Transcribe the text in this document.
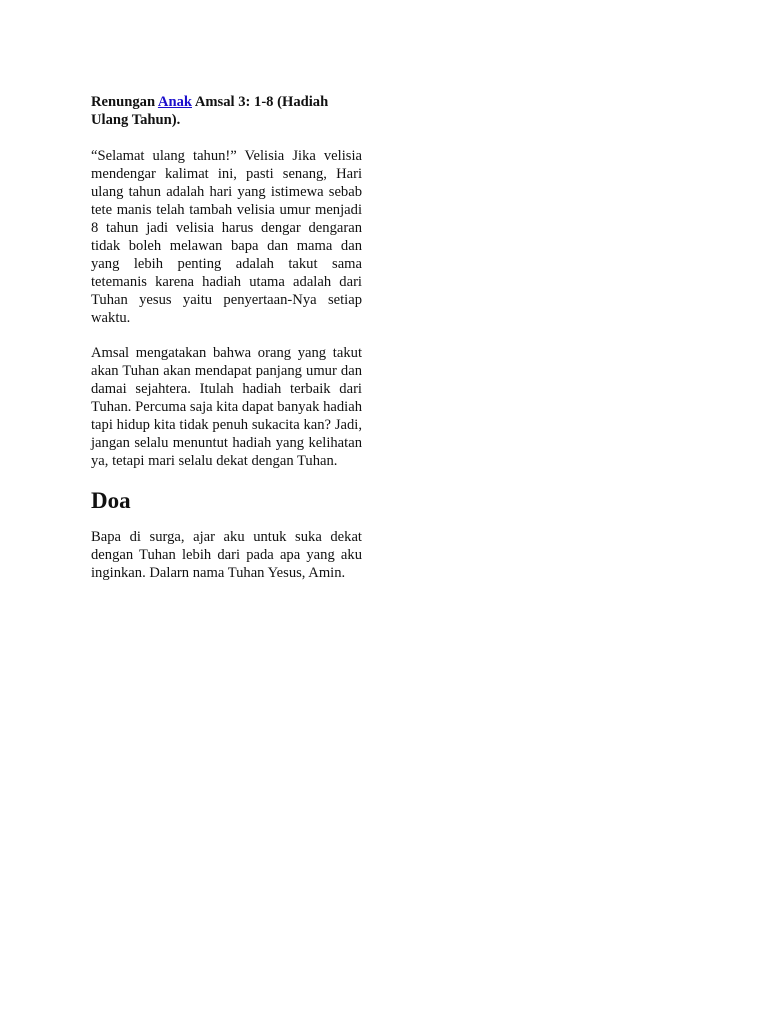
Renungan Anak Amsal 3: 1-8 (Hadiah Ulang Tahun).

“Selamat ulang tahun!” Velisia Jika velisia mendengar kalimat ini, pasti senang, Hari ulang tahun adalah hari yang istimewa sebab tete manis telah tambah velisia umur menjadi 8 tahun jadi velisia harus dengar dengaran tidak boleh melawan bapa dan mama dan yang lebih penting adalah takut sama tetemanis karena hadiah utama adalah dari Tuhan yesus yaitu penyertaan-Nya setiap waktu.

Amsal mengatakan bahwa orang yang takut akan Tuhan akan mendapat panjang umur dan damai sejahtera. Itulah hadiah terbaik dari Tuhan. Percuma saja kita dapat banyak hadiah tapi hidup kita tidak penuh sukacita kan? Jadi, jangan selalu menuntut hadiah yang kelihatan ya, tetapi mari selalu dekat dengan Tuhan.

Doa

Bapa di surga, ajar aku untuk suka dekat dengan Tuhan lebih dari pada apa yang aku inginkan. Dalarn nama Tuhan Yesus, Amin.
